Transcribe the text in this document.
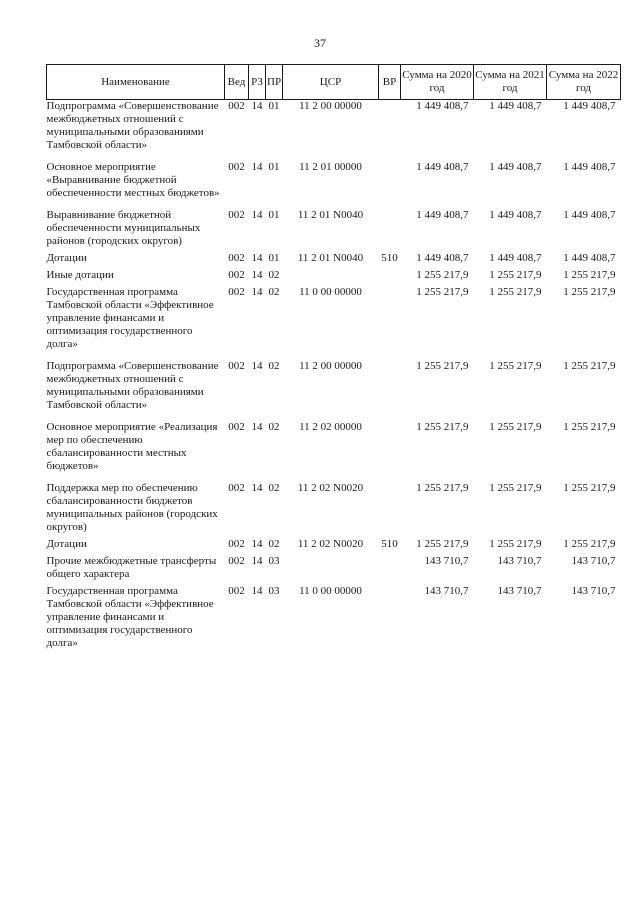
37
Наименование	Вед	РЗ	ПР	ЦСР	ВР	Сумма на 2020 год	Сумма на 2021 год	Сумма на 2022 год
Подпрограмма «Совершенствование межбюджетных отношений с муниципальными образованиями Тамбовской области»	002	14	01	11 2 00 00000		1 449 408,7	1 449 408,7	1 449 408,7
Основное мероприятие «Выравнивание бюджетной обеспеченности местных бюджетов»	002	14	01	11 2 01 00000		1 449 408,7	1 449 408,7	1 449 408,7
Выравнивание бюджетной обеспеченности муниципальных районов (городских округов)	002	14	01	11 2 01 N0040		1 449 408,7	1 449 408,7	1 449 408,7
Дотации	002	14	01	11 2 01 N0040	510	1 449 408,7	1 449 408,7	1 449 408,7
Иные дотации	002	14	02			1 255 217,9	1 255 217,9	1 255 217,9
Государственная программа Тамбовской области «Эффективное управление финансами и оптимизация государственного долга»	002	14	02	11 0 00 00000		1 255 217,9	1 255 217,9	1 255 217,9
Подпрограмма «Совершенствование межбюджетных отношений с муниципальными образованиями Тамбовской области»	002	14	02	11 2 00 00000		1 255 217,9	1 255 217,9	1 255 217,9
Основное мероприятие «Реализация мер по обеспечению сбалансированности местных бюджетов»	002	14	02	11 2 02 00000		1 255 217,9	1 255 217,9	1 255 217,9
Поддержка мер по обеспечению сбалансированности бюджетов муниципальных районов (городских округов)	002	14	02	11 2 02 N0020		1 255 217,9	1 255 217,9	1 255 217,9
Дотации	002	14	02	11 2 02 N0020	510	1 255 217,9	1 255 217,9	1 255 217,9
Прочие межбюджетные трансферты общего характера	002	14	03			143 710,7	143 710,7	143 710,7
Государственная программа Тамбовской области «Эффективное управление финансами и оптимизация государственного долга»	002	14	03	11 0 00 00000		143 710,7	143 710,7	143 710,7
